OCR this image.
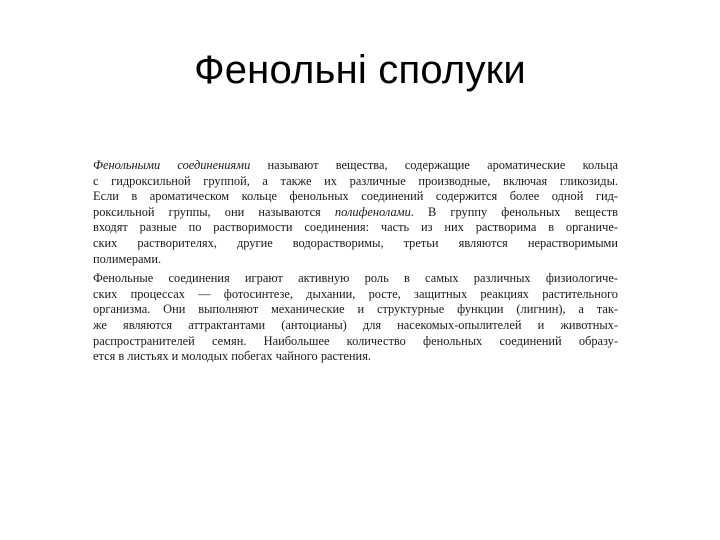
Фенольні сполуки

Фенольными соединениями называют вещества, содержащие ароматические кольца
с гидроксильной группой, а также их различные производные, включая гликозиды.
Если в ароматическом кольце фенольных соединений содержится более одной гид-
роксильной группы, они называются полифенолами. В группу фенольных веществ
входят разные по растворимости соединения: часть из них растворима в органиче-
ских растворителях, другие водорастворимы, третьи являются нерастворимыми
полимерами.

Фенольные соединения играют активную роль в самых различных физиологиче-
ских процессах — фотосинтезе, дыхании, росте, защитных реакциях растительного
организма. Они выполняют механические и структурные функции (лигнин), а так-
же являются аттрактантами (антоцианы) для насекомых-опылителей и животных-
распространителей семян. Наибольшее количество фенольных соединений образу-
ется в листьях и молодых побегах чайного растения.
